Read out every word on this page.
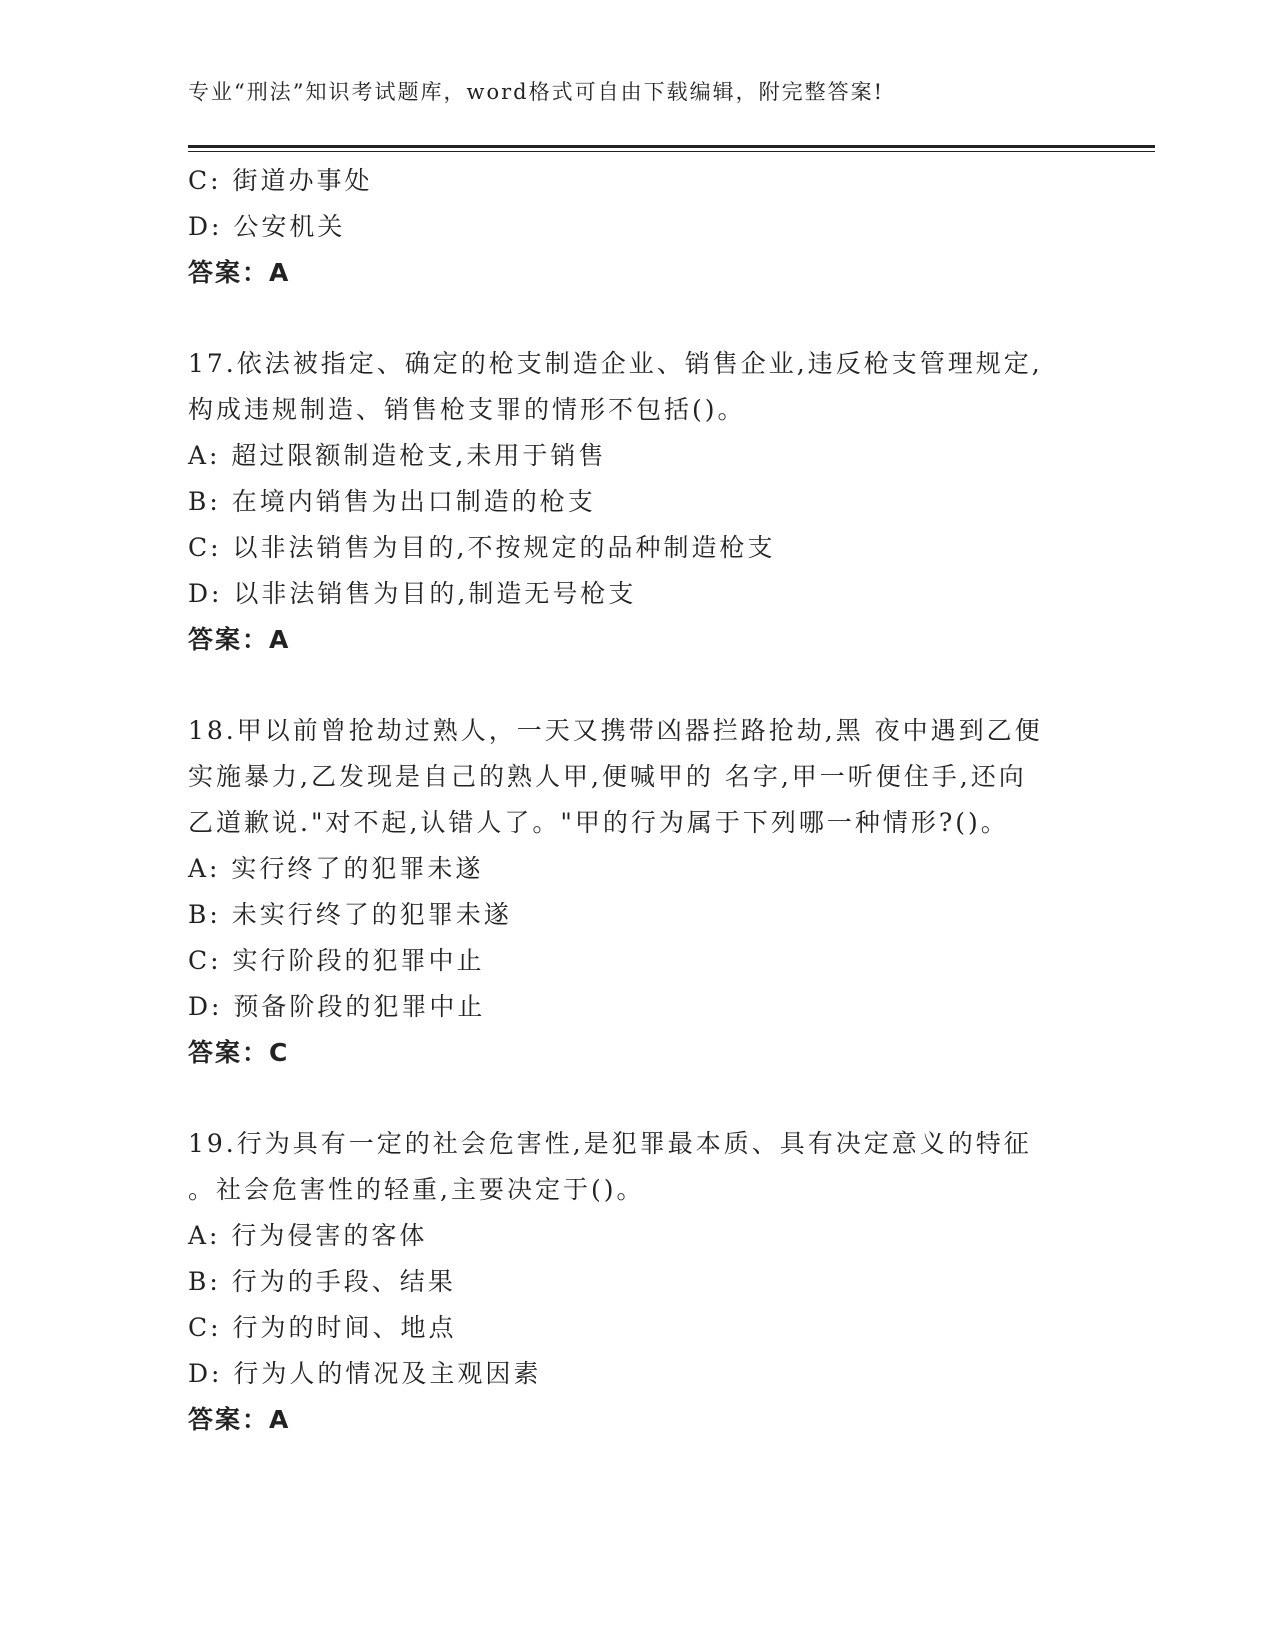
专业“刑法”知识考试题库，word格式可自由下载编辑，附完整答案!
C: 街道办事处
D: 公安机关
答案：A
17.依法被指定、确定的枪支制造企业、销售企业,违反枪支管理规定,
构成违规制造、销售枪支罪的情形不包括()。
A: 超过限额制造枪支,未用于销售
B: 在境内销售为出口制造的枪支
C: 以非法销售为目的,不按规定的品种制造枪支
D: 以非法销售为目的,制造无号枪支
答案：A
18.甲以前曾抢劫过熟人，一天又携带凶器拦路抢劫,黑 夜中遇到乙便
实施暴力,乙发现是自己的熟人甲,便喊甲的 名字,甲一听便住手,还向
乙道歉说."对不起,认错人了。"甲的行为属于下列哪一种情形?()。
A: 实行终了的犯罪未遂
B: 未实行终了的犯罪未遂
C: 实行阶段的犯罪中止
D: 预备阶段的犯罪中止
答案：C
19.行为具有一定的社会危害性,是犯罪最本质、具有决定意义的特征
。社会危害性的轻重,主要决定于()。
A: 行为侵害的客体
B: 行为的手段、结果
C: 行为的时间、地点
D: 行为人的情况及主观因素
答案：A
